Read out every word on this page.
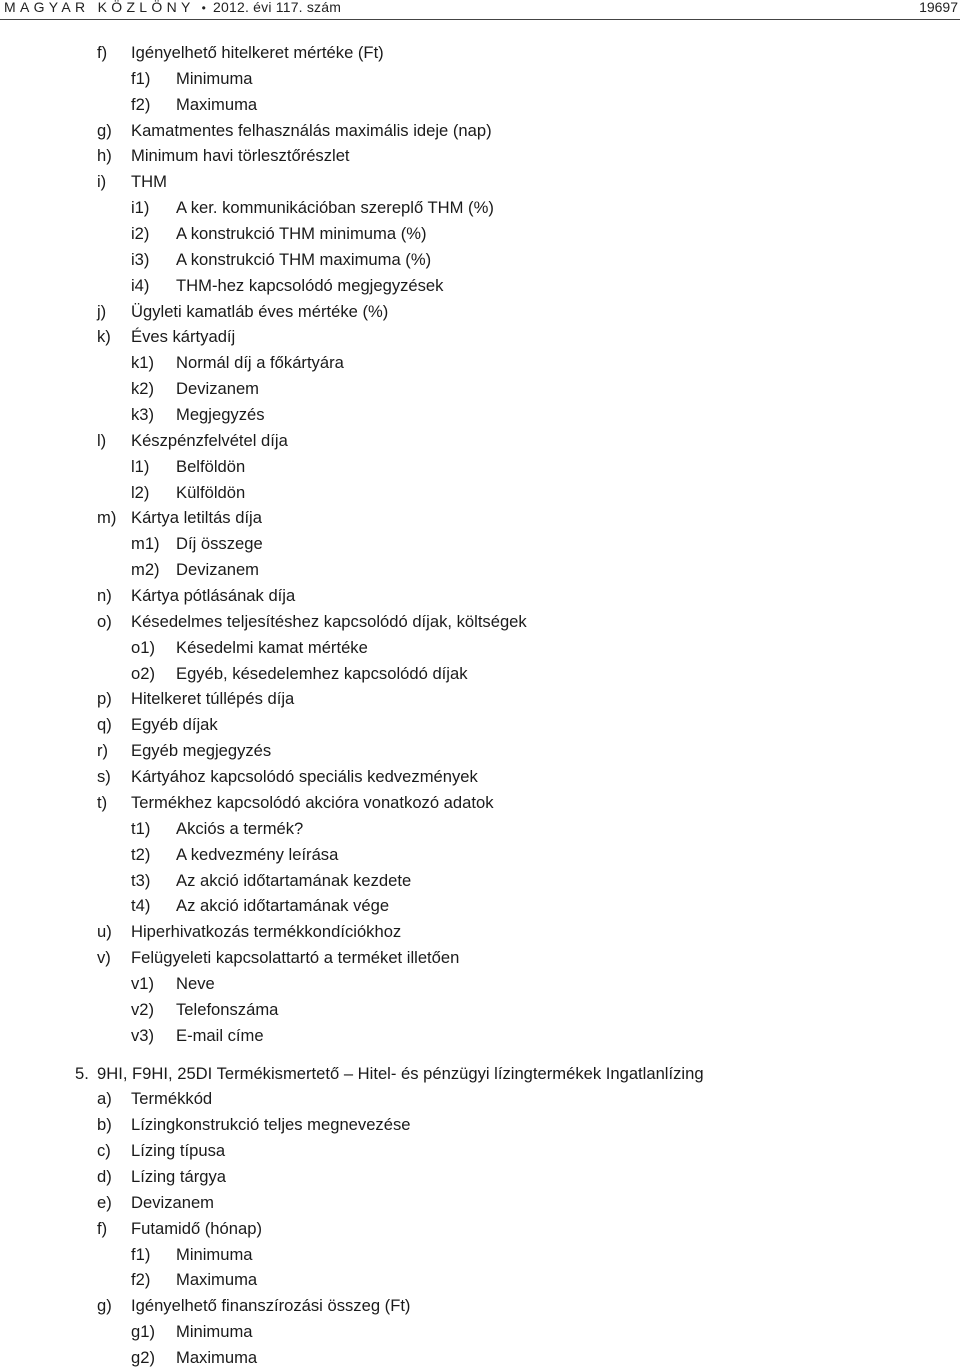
MAGYAR KÖZLÖNY • 2012. évi 117. szám	19697
f) Igényelhető hitelkeret mértéke (Ft)
f1) Minimuma
f2) Maximuma
g) Kamatmentes felhasználás maximális ideje (nap)
h) Minimum havi törlesztőrészlet
i) THM
i1) A ker. kommunikációban szereplő THM (%)
i2) A konstrukció THM minimuma (%)
i3) A konstrukció THM maximuma (%)
i4) THM-hez kapcsolódó megjegyzések
j) Ügyleti kamatláb éves mértéke (%)
k) Éves kártyadíj
k1) Normál díj a főkártyára
k2) Devizanem
k3) Megjegyzés
l) Készpénzfelvétel díja
l1) Belföldön
l2) Külföldön
m) Kártya letiltás díja
m1) Díj összege
m2) Devizanem
n) Kártya pótlásának díja
o) Késedelmes teljesítéshez kapcsolódó díjak, költségek
o1) Késedelmi kamat mértéke
o2) Egyéb, késedelemhez kapcsolódó díjak
p) Hitelkeret túllépés díja
q) Egyéb díjak
r) Egyéb megjegyzés
s) Kártyához kapcsolódó speciális kedvezmények
t) Termékhez kapcsolódó akcióra vonatkozó adatok
t1) Akciós a termék?
t2) A kedvezmény leírása
t3) Az akció időtartamának kezdete
t4) Az akció időtartamának vége
u) Hiperhivatkozás termékkondíciókhoz
v) Felügyeleti kapcsolattartó a terméket illetően
v1) Neve
v2) Telefonszáma
v3) E-mail címe
5. 9HI, F9HI, 25DI Termékismertető – Hitel- és pénzügyi lízingtermékek Ingatlanlízing
a) Termékkód
b) Lízingkonstrukció teljes megnevezése
c) Lízing típusa
d) Lízing tárgya
e) Devizanem
f) Futamidő (hónap)
f1) Minimuma
f2) Maximuma
g) Igényelhető finanszírozási összeg (Ft)
g1) Minimuma
g2) Maximuma
